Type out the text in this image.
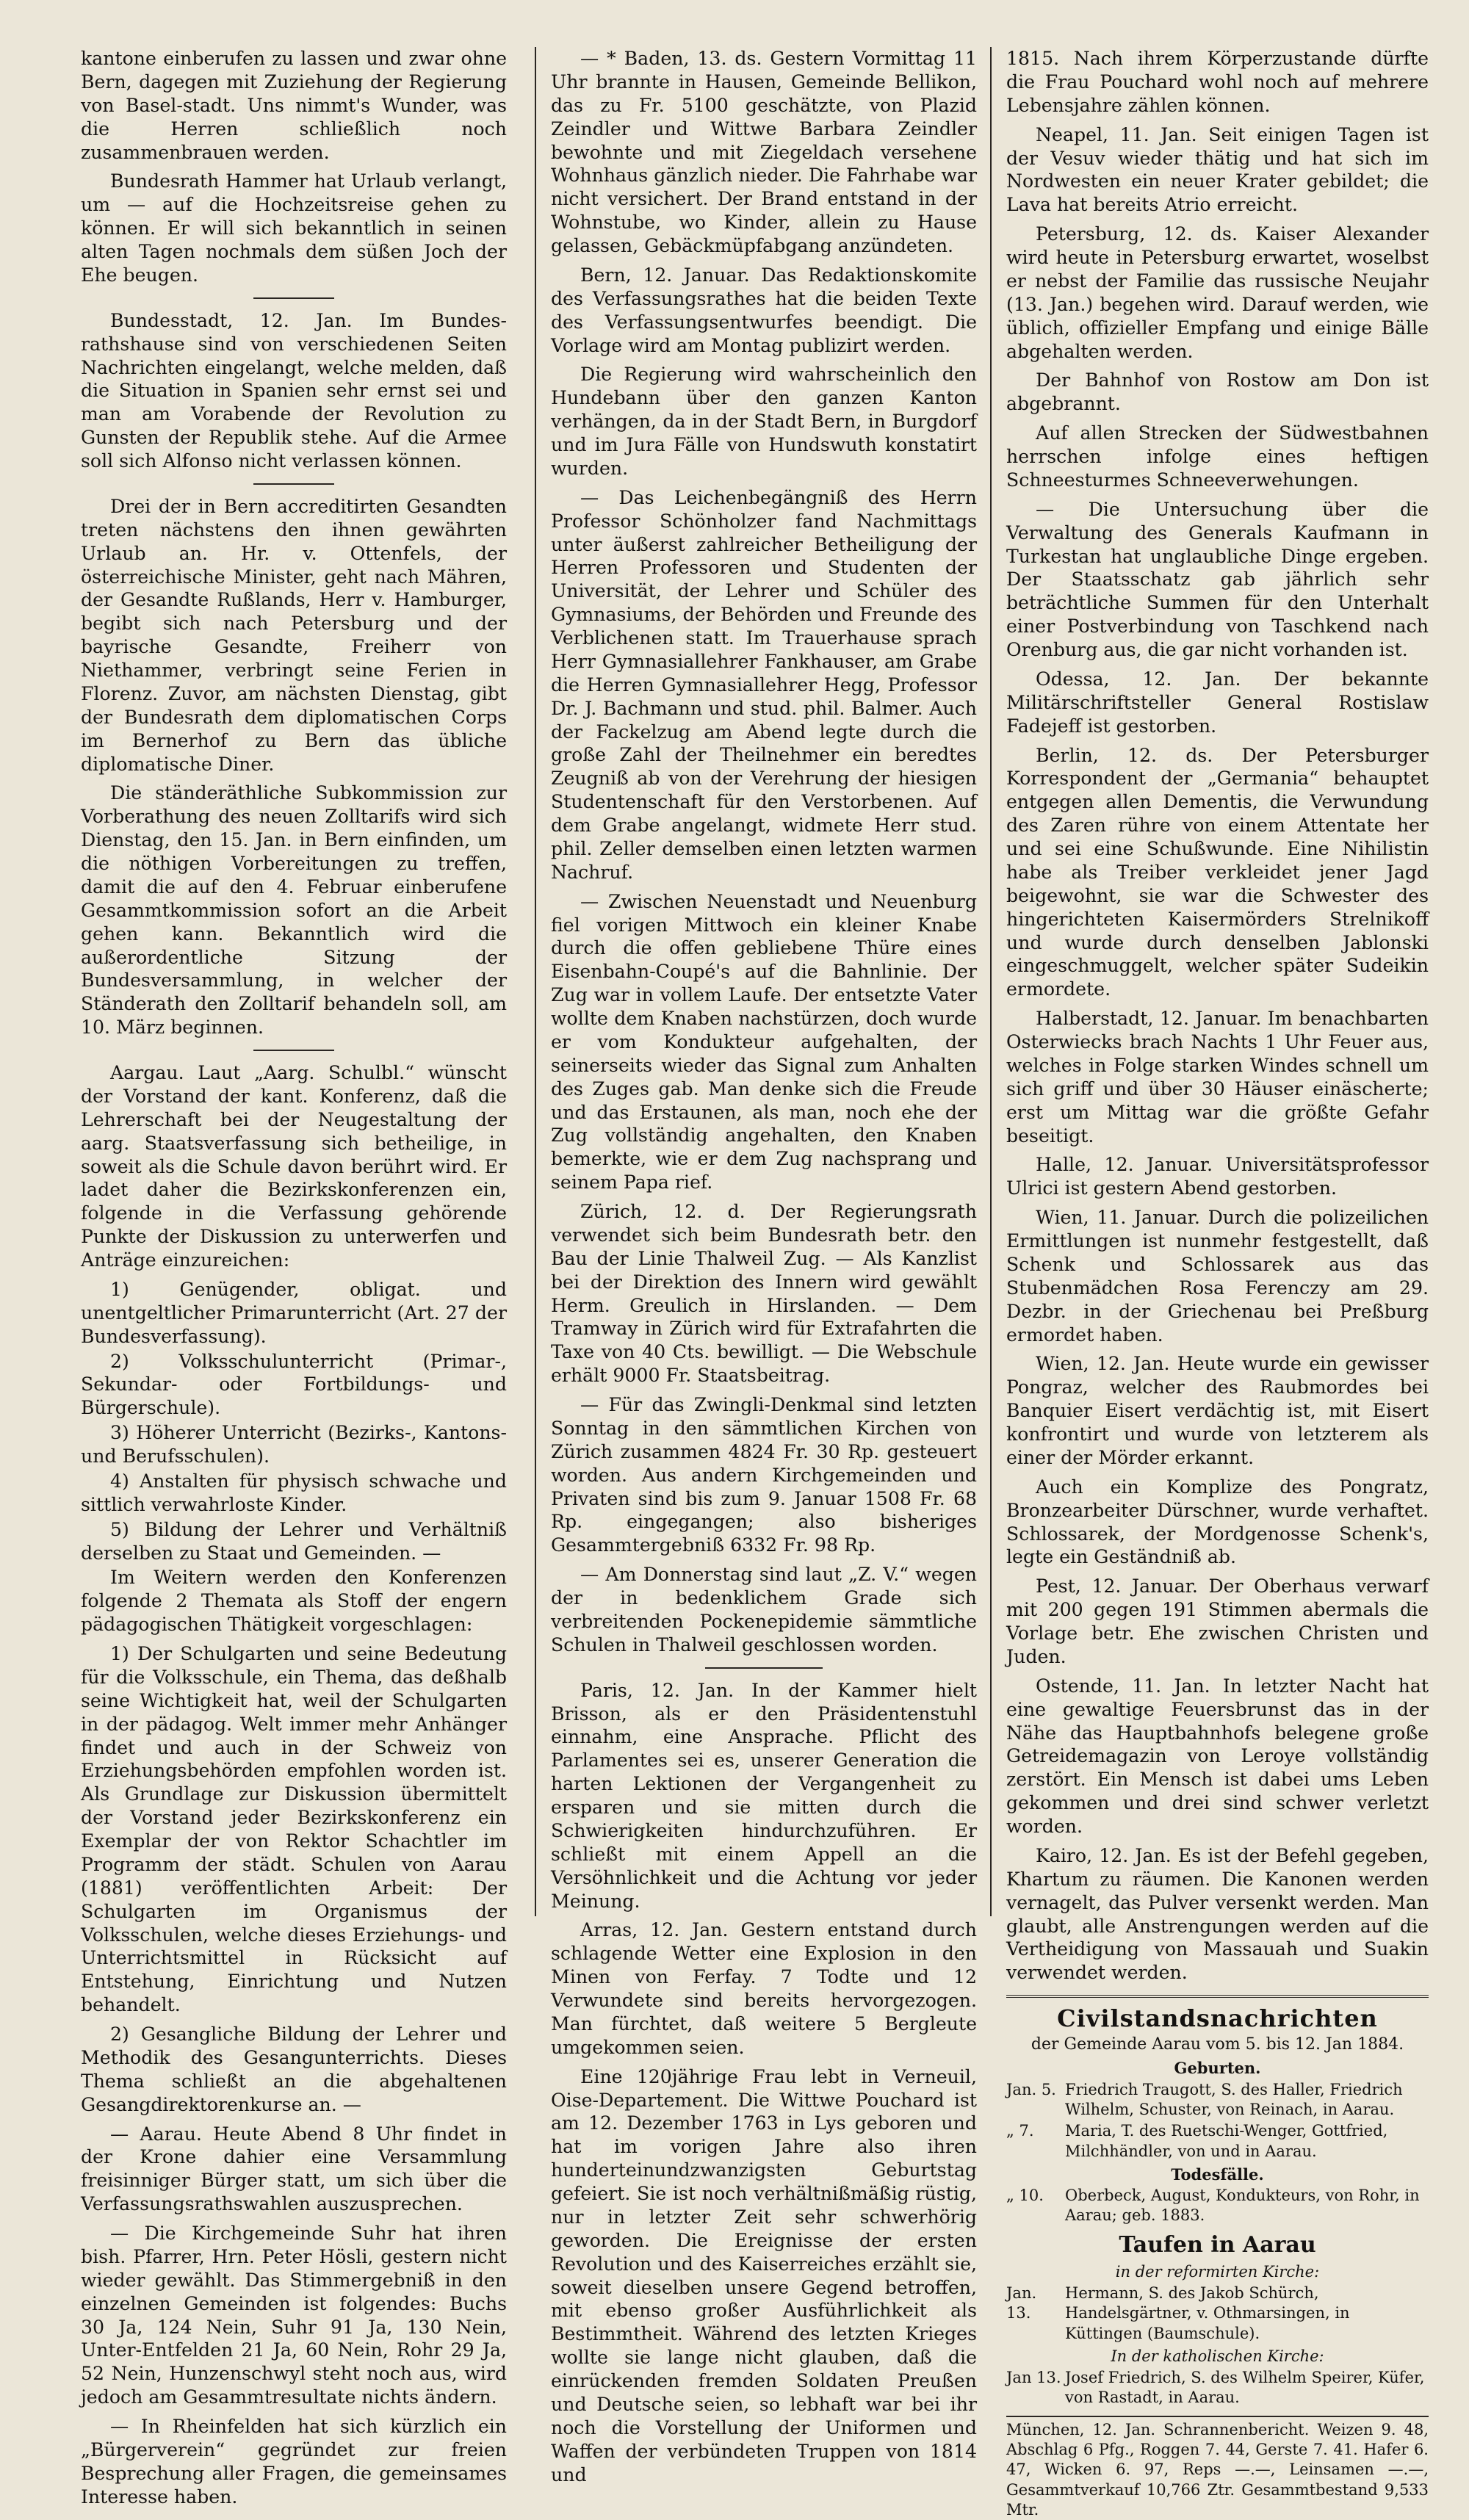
kantone einberufen zu lassen und zwar ohne Bern, dagegen mit Zuziehung der Regierung von Basel-stadt. Uns nimmt's Wunder, was die Herren schließlich noch zusammenbrauen werden.

Bundesrath Hammer hat Urlaub verlangt, um — auf die Hochzeitsreise gehen zu können. Er will sich bekanntlich in seinen alten Tagen nochmals dem süßen Joch der Ehe beugen.

Bundesstadt, 12. Jan. Im Bundes-rathshause sind von verschiedenen Seiten Nachrichten eingelangt, welche melden, daß die Situation in Spanien sehr ernst sei und man am Vorabende der Revolution zu Gunsten der Republik stehe. Auf die Armee soll sich Alfonso nicht verlassen können.

Drei der in Bern accreditirten Gesandten treten nächstens den ihnen gewährten Urlaub an. Hr. v. Ottenfels, der österreichische Minister, geht nach Mähren, der Gesandte Rußlands, Herr v. Hamburger, begibt sich nach Petersburg und der bayrische Gesandte, Freiherr von Niethammer, verbringt seine Ferien in Florenz. Zuvor, am nächsten Dienstag, gibt der Bundesrath dem diplomatischen Corps im Bernerhof zu Bern das übliche diplomatische Diner.

Die ständeräthliche Subkommission zur Vorberathung des neuen Zolltarifs wird sich Dienstag, den 15. Jan. in Bern einfinden, um die nöthigen Vorbereitungen zu treffen, damit die auf den 4. Februar einberufene Gesammtkommission sofort an die Arbeit gehen kann. Bekanntlich wird die außerordentliche Sitzung der Bundesversammlung, in welcher der Ständerath den Zolltarif behandeln soll, am 10. März beginnen.

Aargau. Laut „Aarg. Schulbl.“ wünscht der Vorstand der kant. Konferenz, daß die Lehrerschaft bei der Neugestaltung der aarg. Staatsverfassung sich betheilige, in soweit als die Schule davon berührt wird. Er ladet daher die Bezirkskonferenzen ein, folgende in die Verfassung gehörende Punkte der Diskussion zu unterwerfen und Anträge einzureichen:

1) Genügender, obligat. und unentgeltlicher Primarunterricht (Art. 27 der Bundesverfassung).

2) Volksschulunterricht (Primar-, Sekundar- oder Fortbildungs- und Bürgerschule).

3) Höherer Unterricht (Bezirks-, Kantons- und Berufsschulen).

4) Anstalten für physisch schwache und sittlich verwahrloste Kinder.

5) Bildung der Lehrer und Verhältniß derselben zu Staat und Gemeinden. —

Im Weitern werden den Konferenzen folgende 2 Themata als Stoff der engern pädagogischen Thätigkeit vorgeschlagen:

1) Der Schulgarten und seine Bedeutung für die Volksschule, ein Thema, das deßhalb seine Wichtigkeit hat, weil der Schulgarten in der pädagog. Welt immer mehr Anhänger findet und auch in der Schweiz von Erziehungsbehörden empfohlen worden ist. Als Grundlage zur Diskussion übermittelt der Vorstand jeder Bezirkskonferenz ein Exemplar der von Rektor Schachtler im Programm der städt. Schulen von Aarau (1881) veröffentlichten Arbeit: Der Schulgarten im Organismus der Volksschulen, welche dieses Erziehungs- und Unterrichtsmittel in Rücksicht auf Entstehung, Einrichtung und Nutzen behandelt.

2) Gesangliche Bildung der Lehrer und Methodik des Gesangunterrichts. Dieses Thema schließt an die abgehaltenen Gesangdirektorenkurse an. —

— Aarau. Heute Abend 8 Uhr findet in der Krone dahier eine Versammlung freisinniger Bürger statt, um sich über die Verfassungsrathswahlen auszusprechen.

— Die Kirchgemeinde Suhr hat ihren bish. Pfarrer, Hrn. Peter Hösli, gestern nicht wieder gewählt. Das Stimmergebniß in den einzelnen Gemeinden ist folgendes: Buchs 30 Ja, 124 Nein, Suhr 91 Ja, 130 Nein, Unter-Entfelden 21 Ja, 60 Nein, Rohr 29 Ja, 52 Nein, Hunzenschwyl steht noch aus, wird jedoch am Gesammtresultate nichts ändern.

— In Rheinfelden hat sich kürzlich ein „Bürgerverein“ gegründet zur freien Besprechung aller Fragen, die gemeinsames Interesse haben.

— * Baden, 13. ds. Gestern Vormittag 11 Uhr brannte in Hausen, Gemeinde Bellikon, das zu Fr. 5100 geschätzte, von Plazid Zeindler und Wittwe Barbara Zeindler bewohnte und mit Ziegeldach versehene Wohnhaus gänzlich nieder. Die Fahrhabe war nicht versichert. Der Brand entstand in der Wohnstube, wo Kinder, allein zu Hause gelassen, Gebäckmüpfabgang anzündeten.

Bern, 12. Januar. Das Redaktionskomite des Verfassungsrathes hat die beiden Texte des Verfassungsentwurfes beendigt. Die Vorlage wird am Montag publizirt werden.

Die Regierung wird wahrscheinlich den Hundebann über den ganzen Kanton verhängen, da in der Stadt Bern, in Burgdorf und im Jura Fälle von Hundswuth konstatirt wurden.

— Das Leichenbegängniß des Herrn Professor Schönholzer fand Nachmittags unter äußerst zahlreicher Betheiligung der Herren Professoren und Studenten der Universität, der Lehrer und Schüler des Gymnasiums, der Behörden und Freunde des Verblichenen statt. Im Trauerhause sprach Herr Gymnasiallehrer Fankhauser, am Grabe die Herren Gymnasiallehrer Hegg, Professor Dr. J. Bachmann und stud. phil. Balmer. Auch der Fackelzug am Abend legte durch die große Zahl der Theilnehmer ein beredtes Zeugniß ab von der Verehrung der hiesigen Studentenschaft für den Verstorbenen. Auf dem Grabe angelangt, widmete Herr stud. phil. Zeller demselben einen letzten warmen Nachruf.

— Zwischen Neuenstadt und Neuenburg fiel vorigen Mittwoch ein kleiner Knabe durch die offen gebliebene Thüre eines Eisenbahn-Coupé's auf die Bahnlinie. Der Zug war in vollem Laufe. Der entsetzte Vater wollte dem Knaben nachstürzen, doch wurde er vom Kondukteur aufgehalten, der seinerseits wieder das Signal zum Anhalten des Zuges gab. Man denke sich die Freude und das Erstaunen, als man, noch ehe der Zug vollständig angehalten, den Knaben bemerkte, wie er dem Zug nachsprang und seinem Papa rief.

Zürich, 12. d. Der Regierungsrath verwendet sich beim Bundesrath betr. den Bau der Linie Thalweil Zug. — Als Kanzlist bei der Direktion des Innern wird gewählt Herm. Greulich in Hirslanden. — Dem Tramway in Zürich wird für Extrafahrten die Taxe von 40 Cts. bewilligt. — Die Webschule erhält 9000 Fr. Staatsbeitrag.

— Für das Zwingli-Denkmal sind letzten Sonntag in den sämmtlichen Kirchen von Zürich zusammen 4824 Fr. 30 Rp. gesteuert worden. Aus andern Kirchgemeinden und Privaten sind bis zum 9. Januar 1508 Fr. 68 Rp. eingegangen; also bisheriges Gesammtergebniß 6332 Fr. 98 Rp.

— Am Donnerstag sind laut „Z. V.“ wegen der in bedenklichem Grade sich verbreitenden Pockenepidemie sämmtliche Schulen in Thalweil geschlossen worden.

Paris, 12. Jan. In der Kammer hielt Brisson, als er den Präsidentenstuhl einnahm, eine Ansprache. Pflicht des Parlamentes sei es, unserer Generation die harten Lektionen der Vergangenheit zu ersparen und sie mitten durch die Schwierigkeiten hindurchzuführen. Er schließt mit einem Appell an die Versöhnlichkeit und die Achtung vor jeder Meinung.

Arras, 12. Jan. Gestern entstand durch schlagende Wetter eine Explosion in den Minen von Ferfay. 7 Todte und 12 Verwundete sind bereits hervorgezogen. Man fürchtet, daß weitere 5 Bergleute umgekommen seien.

Eine 120jährige Frau lebt in Verneuil, Oise-Departement. Die Wittwe Pouchard ist am 12. Dezember 1763 in Lys geboren und hat im vorigen Jahre also ihren hunderteinundzwanzigsten Geburtstag gefeiert. Sie ist noch verhältnißmäßig rüstig, nur in letzter Zeit sehr schwerhörig geworden. Die Ereignisse der ersten Revolution und des Kaiserreiches erzählt sie, soweit dieselben unsere Gegend betroffen, mit ebenso großer Ausführlichkeit als Bestimmtheit. Während des letzten Krieges wollte sie lange nicht glauben, daß die einrückenden fremden Soldaten Preußen und Deutsche seien, so lebhaft war bei ihr noch die Vorstellung der Uniformen und Waffen der verbündeten Truppen von 1814 und

1815. Nach ihrem Körperzustande dürfte die Frau Pouchard wohl noch auf mehrere Lebensjahre zählen können.

Neapel, 11. Jan. Seit einigen Tagen ist der Vesuv wieder thätig und hat sich im Nordwesten ein neuer Krater gebildet; die Lava hat bereits Atrio erreicht.

Petersburg, 12. ds. Kaiser Alexander wird heute in Petersburg erwartet, woselbst er nebst der Familie das russische Neujahr (13. Jan.) begehen wird. Darauf werden, wie üblich, offizieller Empfang und einige Bälle abgehalten werden.

Der Bahnhof von Rostow am Don ist abgebrannt.

Auf allen Strecken der Südwestbahnen herrschen infolge eines heftigen Schneesturmes Schneeverwehungen.

— Die Untersuchung über die Verwaltung des Generals Kaufmann in Turkestan hat unglaubliche Dinge ergeben. Der Staatsschatz gab jährlich sehr beträchtliche Summen für den Unterhalt einer Postverbindung von Taschkend nach Orenburg aus, die gar nicht vorhanden ist.

Odessa, 12. Jan. Der bekannte Militärschriftsteller General Rostislaw Fadejeff ist gestorben.

Berlin, 12. ds. Der Petersburger Korrespondent der „Germania“ behauptet entgegen allen Dementis, die Verwundung des Zaren rühre von einem Attentate her und sei eine Schußwunde. Eine Nihilistin habe als Treiber verkleidet jener Jagd beigewohnt, sie war die Schwester des hingerichteten Kaisermörders Strelnikoff und wurde durch denselben Jablonski eingeschmuggelt, welcher später Sudeikin ermordete.

Halberstadt, 12. Januar. Im benachbarten Osterwiecks brach Nachts 1 Uhr Feuer aus, welches in Folge starken Windes schnell um sich griff und über 30 Häuser einäscherte; erst um Mittag war die größte Gefahr beseitigt.

Halle, 12. Januar. Universitätsprofessor Ulrici ist gestern Abend gestorben.

Wien, 11. Januar. Durch die polizeilichen Ermittlungen ist nunmehr festgestellt, daß Schenk und Schlossarek aus das Stubenmädchen Rosa Ferenczy am 29. Dezbr. in der Griechenau bei Preßburg ermordet haben.

Wien, 12. Jan. Heute wurde ein gewisser Pongraz, welcher des Raubmordes bei Banquier Eisert verdächtig ist, mit Eisert konfrontirt und wurde von letzterem als einer der Mörder erkannt.

Auch ein Komplize des Pongratz, Bronzearbeiter Dürschner, wurde verhaftet. Schlossarek, der Mordgenosse Schenk's, legte ein Geständniß ab.

Pest, 12. Januar. Der Oberhaus verwarf mit 200 gegen 191 Stimmen abermals die Vorlage betr. Ehe zwischen Christen und Juden.

Ostende, 11. Jan. In letzter Nacht hat eine gewaltige Feuersbrunst das in der Nähe das Hauptbahnhofs belegene große Getreidemagazin von Leroye vollständig zerstört. Ein Mensch ist dabei ums Leben gekommen und drei sind schwer verletzt worden.

Kairo, 12. Jan. Es ist der Befehl gegeben, Khartum zu räumen. Die Kanonen werden vernagelt, das Pulver versenkt werden. Man glaubt, alle Anstrengungen werden auf die Vertheidigung von Massauah und Suakin verwendet werden.

Civilstandsnachrichten
der Gemeinde Aarau vom 5. bis 12. Jan 1884.
Geburten.
Jan. 5. Friedrich Traugott, S. des Haller, Friedrich Wilhelm, Schuster, von Reinach, in Aarau.
„ 7.	Maria, T. des Ruetschi-Wenger, Gottfried, Milchhändler, von und in Aarau.
Todesfälle.
„ 10.	Oberbeck, August, Kondukteurs, von Rohr, in Aarau; geb. 1883.
Taufen in Aarau
in der reformirten Kirche:
Jan. 13.
Hermann, S. des Jakob Schürch, Handelsgärtner, v. Othmarsingen, in Küttingen (Baumschule).
In der katholischen Kirche:
Jan 13. Josef Friedrich, S. des Wilhelm Speirer, Küfer, von Rastadt, in Aarau.
München, 12. Jan. Schrannenbericht. Weizen 9. 48, Abschlag 6 Pfg., Roggen 7. 44, Gerste 7. 41. Hafer 6. 47, Wicken 6. 97, Reps —.—, Leinsamen —.—, Gesammtverkauf 10,766 Ztr. Gesammtbestand 9,533 Mtr.
